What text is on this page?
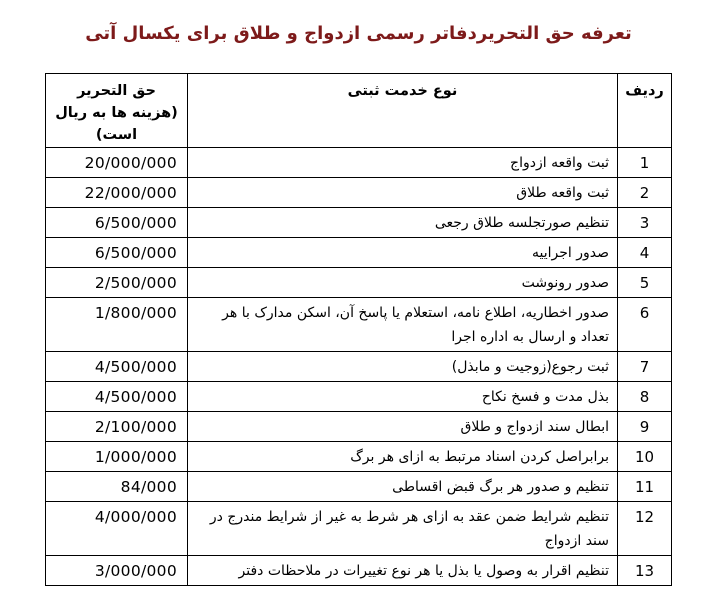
تعرفه حق التحریردفاتر رسمی ازدواج و طلاق برای یکسال آتی
ردیف	نوع خدمت ثبتی	حق التحریر
(هزینه ها به ریال است)

1	ثبت واقعه ازدواج	20/000/000
2	ثبت واقعه طلاق	22/000/000
3	تنظیم صورتجلسه طلاق رجعی	6/500/000
4	صدور اجراییه	6/500/000
5	صدور رونوشت	2/500/000
6	صدور اخطاریه، اطلاع نامه، استعلام یا پاسخ آن، اسکن مدارک با هر تعداد و ارسال به اداره اجرا	1/800/000
7	ثبت رجوع(زوجیت و مابذل)	4/500/000
8	بذل مدت و فسخ نکاح	4/500/000
9	ابطال سند ازدواج و طلاق	2/100/000
10	برابراصل کردن اسناد مرتبط به ازای هر برگ	1/000/000
11	تنظیم و صدور هر برگ قبض اقساطی	84/000
12	تنظیم شرایط ضمن عقد به ازای هر شرط به غیر از شرایط مندرج در سند ازدواج	4/000/000
13	تنظیم اقرار به وصول یا بذل یا هر نوع تغییرات در ملاحظات دفتر	3/000/000
